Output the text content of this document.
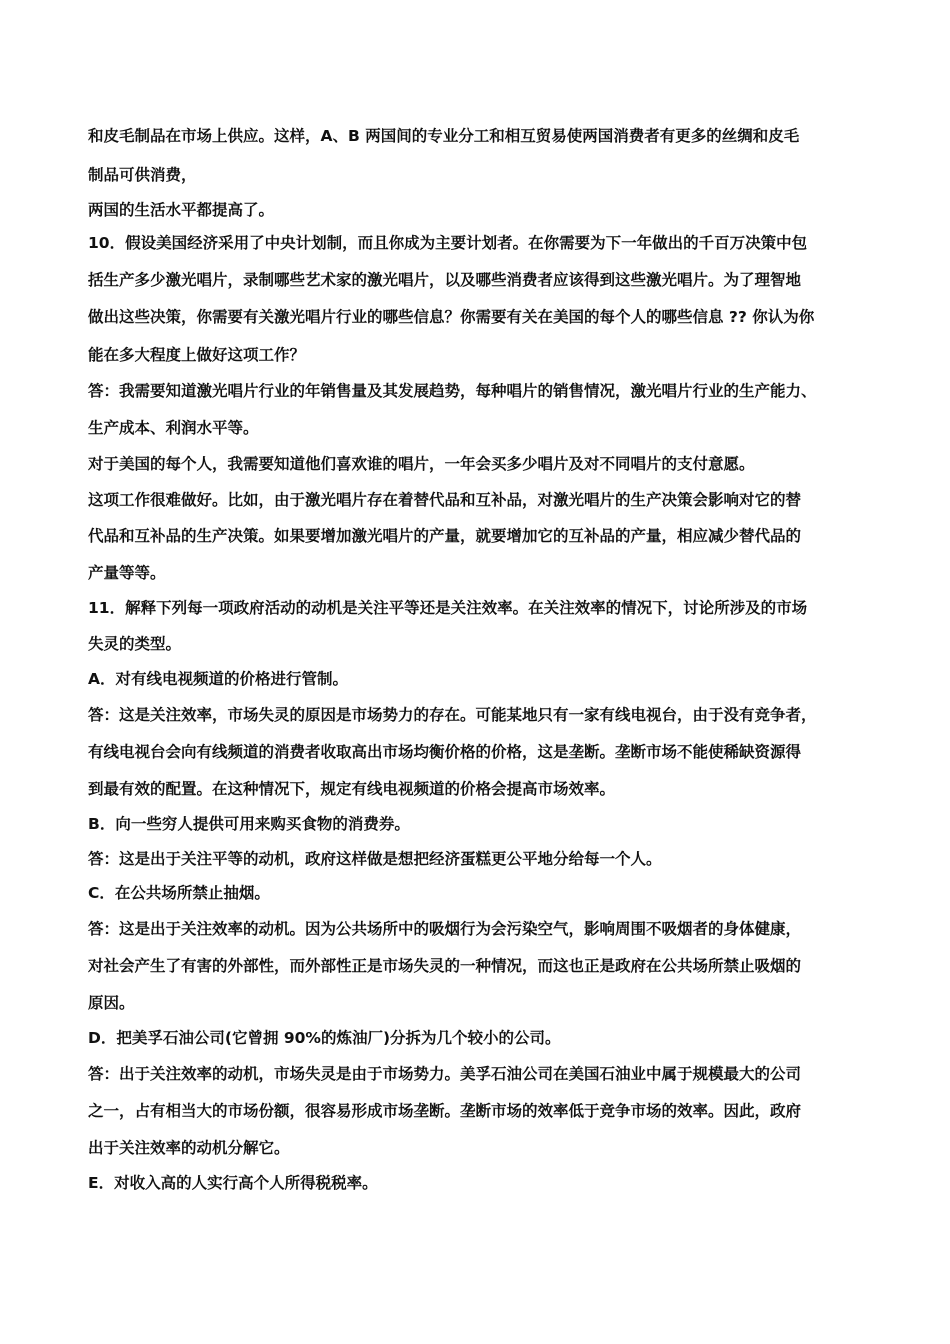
和皮毛制品在市场上供应。这样，A、B 两国间的专业分工和相互贸易使两国消费者有更多的丝绸和皮毛
制品可供消费，
两国的生活水平都提高了。
10．假设美国经济采用了中央计划制，而且你成为主要计划者。在你需要为下一年做出的千百万决策中包
括生产多少激光唱片，录制哪些艺术家的激光唱片，以及哪些消费者应该得到这些激光唱片。为了理智地
做出这些决策，你需要有关激光唱片行业的哪些信息？你需要有关在美国的每个人的哪些信息 ?? 你认为你
能在多大程度上做好这项工作？
答：我需要知道激光唱片行业的年销售量及其发展趋势，每种唱片的销售情况，激光唱片行业的生产能力、
生产成本、利润水平等。
对于美国的每个人，我需要知道他们喜欢谁的唱片，一年会买多少唱片及对不同唱片的支付意愿。
这项工作很难做好。比如，由于激光唱片存在着替代品和互补品，对激光唱片的生产决策会影响对它的替
代品和互补品的生产决策。如果要增加激光唱片的产量，就要增加它的互补品的产量，相应减少替代品的
产量等等。
11．解释下列每一项政府活动的动机是关注平等还是关注效率。在关注效率的情况下，讨论所涉及的市场
失灵的类型。
A．对有线电视频道的价格进行管制。
答：这是关注效率，市场失灵的原因是市场势力的存在。可能某地只有一家有线电视台，由于没有竞争者，
有线电视台会向有线频道的消费者收取高出市场均衡价格的价格，这是垄断。垄断市场不能使稀缺资源得
到最有效的配置。在这种情况下，规定有线电视频道的价格会提高市场效率。
B．向一些穷人提供可用来购买食物的消费券。
答：这是出于关注平等的动机，政府这样做是想把经济蛋糕更公平地分给每一个人。
C．在公共场所禁止抽烟。
答：这是出于关注效率的动机。因为公共场所中的吸烟行为会污染空气，影响周围不吸烟者的身体健康，
对社会产生了有害的外部性，而外部性正是市场失灵的一种情况，而这也正是政府在公共场所禁止吸烟的
原因。
D．把美孚石油公司(它曾拥 90%的炼油厂)分拆为几个较小的公司。
答：出于关注效率的动机，市场失灵是由于市场势力。美孚石油公司在美国石油业中属于规模最大的公司
之一，占有相当大的市场份额，很容易形成市场垄断。垄断市场的效率低于竞争市场的效率。因此，政府
出于关注效率的动机分解它。
E．对收入高的人实行高个人所得税税率。
